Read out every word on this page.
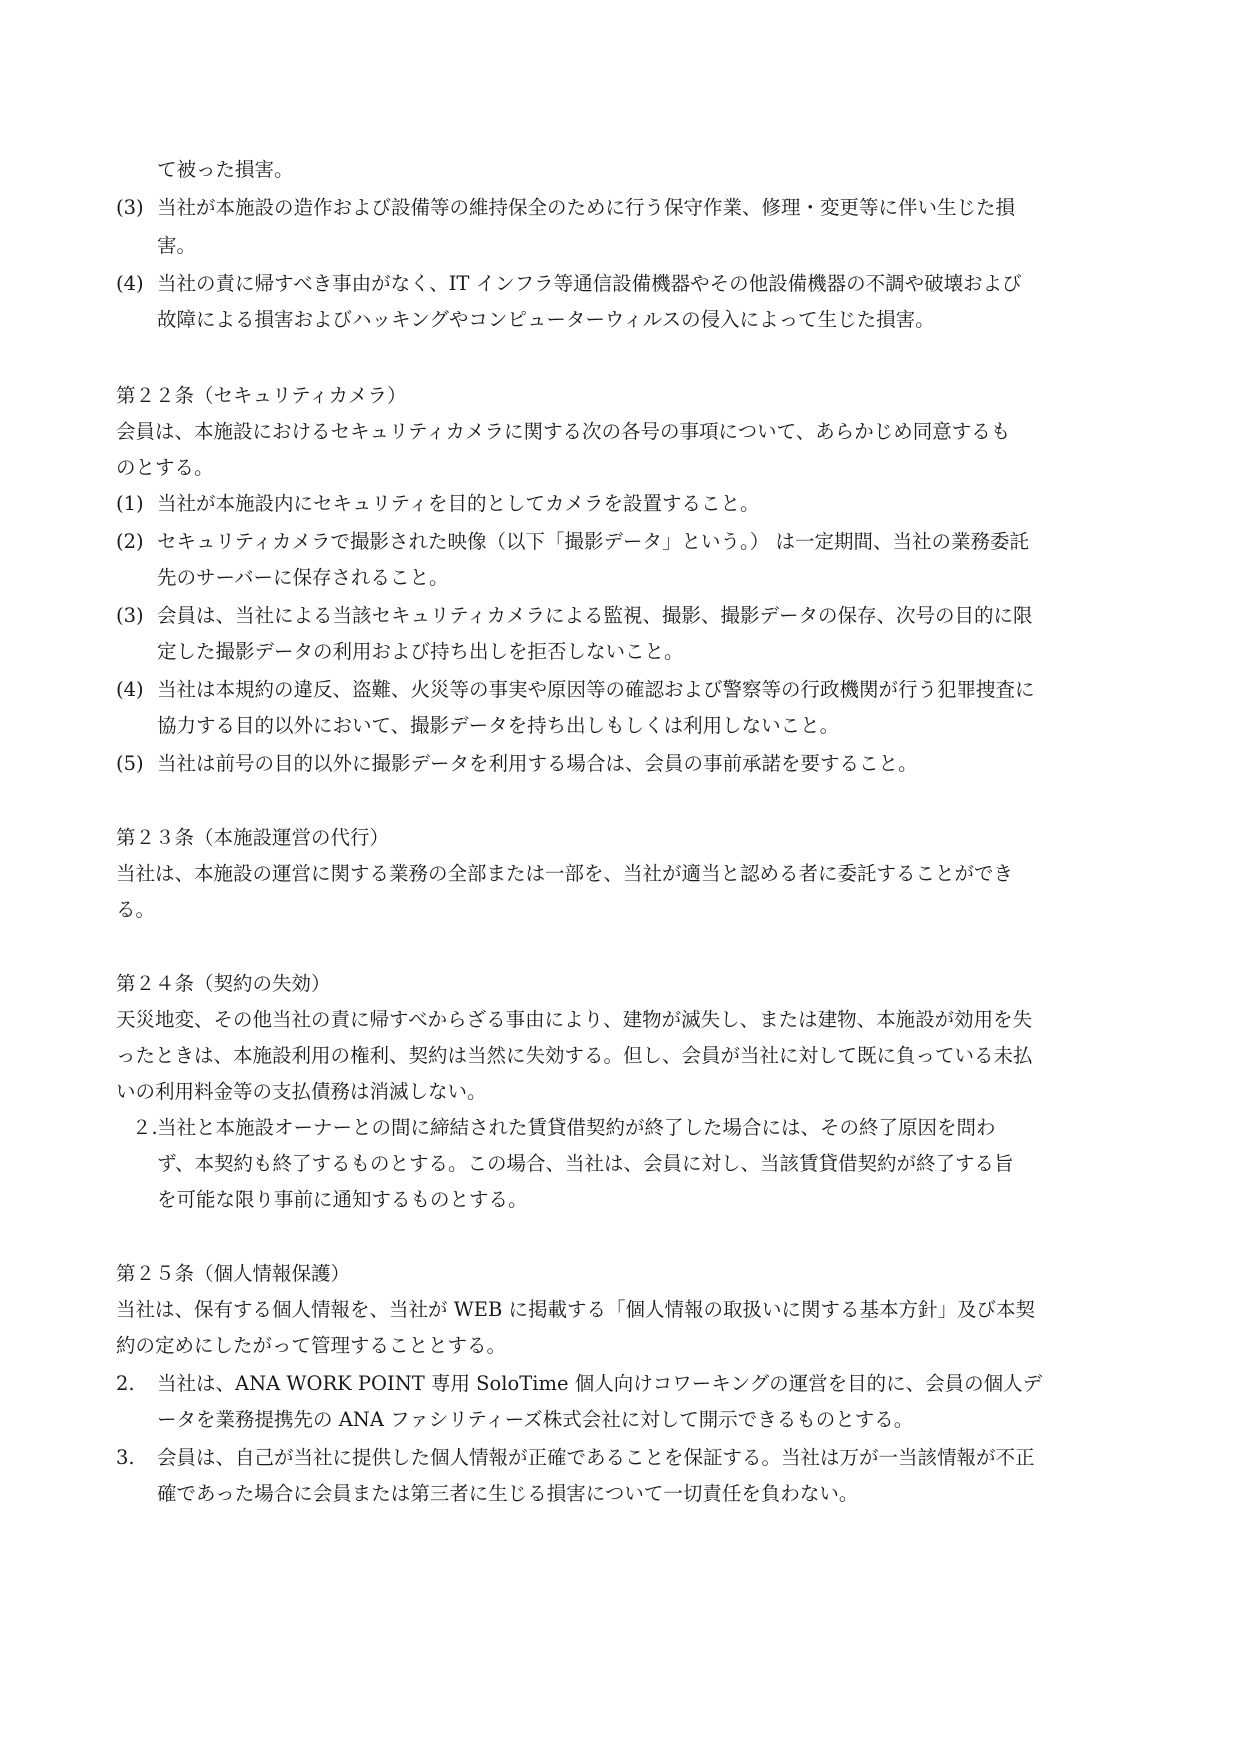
て被った損害。
(3) 当社が本施設の造作および設備等の維持保全のために行う保守作業、修理・変更等に伴い生じた損
害。
(4) 当社の責に帰すべき事由がなく、IT インフラ等通信設備機器やその他設備機器の不調や破壊および
故障による損害およびハッキングやコンピューターウィルスの侵入によって生じた損害。
第２２条（セキュリティカメラ）
会員は、本施設におけるセキュリティカメラに関する次の各号の事項について、あらかじめ同意するも
のとする。
(1) 当社が本施設内にセキュリティを目的としてカメラを設置すること。
(2) セキュリティカメラで撮影された映像（以下「撮影データ」という。） は一定期間、当社の業務委託
先のサーバーに保存されること。
(3) 会員は、当社による当該セキュリティカメラによる監視、撮影、撮影データの保存、次号の目的に限
定した撮影データの利用および持ち出しを拒否しないこと。
(4) 当社は本規約の違反、盗難、火災等の事実や原因等の確認および警察等の行政機関が行う犯罪捜査に
協力する目的以外において、撮影データを持ち出しもしくは利用しないこと。
(5) 当社は前号の目的以外に撮影データを利用する場合は、会員の事前承諾を要すること。
第２３条（本施設運営の代行）
当社は、本施設の運営に関する業務の全部または一部を、当社が適当と認める者に委託することができ
る。
第２４条（契約の失効）
天災地変、その他当社の責に帰すべからざる事由により、建物が滅失し、または建物、本施設が効用を失
ったときは、本施設利用の権利、契約は当然に失効する。但し、会員が当社に対して既に負っている未払
いの利用料金等の支払債務は消滅しない。
２.当社と本施設オーナーとの間に締結された賃貸借契約が終了した場合には、その終了原因を問わ
ず、本契約も終了するものとする。この場合、当社は、会員に対し、当該賃貸借契約が終了する旨
を可能な限り事前に通知するものとする。
第２５条（個人情報保護）
当社は、保有する個人情報を、当社が WEB に掲載する「個人情報の取扱いに関する基本方針」及び本契
約の定めにしたがって管理することとする。
2. 当社は、ANA WORK POINT 専用 SoloTime 個人向けコワーキングの運営を目的に、会員の個人デ
ータを業務提携先の ANA ファシリティーズ株式会社に対して開示できるものとする。
3. 会員は、自己が当社に提供した個人情報が正確であることを保証する。当社は万が一当該情報が不正
確であった場合に会員または第三者に生じる損害について一切責任を負わない。
